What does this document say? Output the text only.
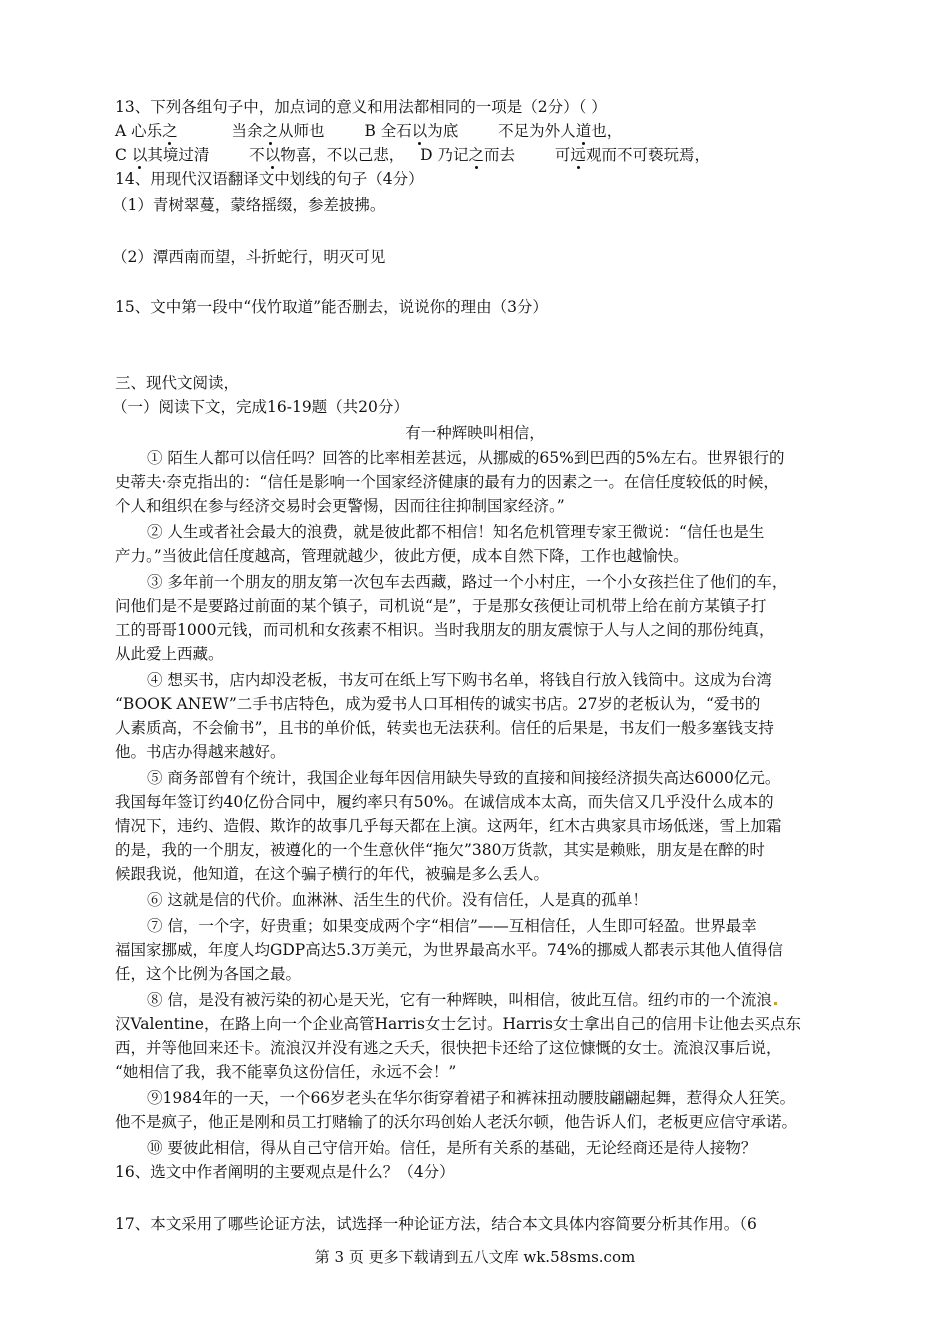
13、下列各组句子中，加点词的意义和用法都相同的一项是（2分）（ ）
A 心乐之	当余之从师也	B 全石以为底	不足为外人道也，
C 以其境过清	不以物喜，不以己悲， D 乃记之而去	可远观而不可亵玩焉，
14、用现代汉语翻译文中划线的句子（4分）
（1）青树翠蔓，蒙络摇缀，参差披拂。
（2）潭西南而望，斗折蛇行，明灭可见
15、文中第一段中“伐竹取道”能否删去，说说你的理由（3分）
三、现代文阅读，
（一）阅读下文，完成16-19题（共20分）
有一种辉映叫相信，
① 陌生人都可以信任吗？回答的比率相差甚远，从挪威的65%到巴西的5%左右。世界银行的
史蒂夫·奈克指出的：“信任是影响一个国家经济健康的最有力的因素之一。在信任度较低的时候，
个人和组织在参与经济交易时会更警惕，因而往往抑制国家经济。”
② 人生或者社会最大的浪费，就是彼此都不相信！知名危机管理专家王微说：“信任也是生
产力。”当彼此信任度越高，管理就越少，彼此方便，成本自然下降，工作也越愉快。
③ 多年前一个朋友的朋友第一次包车去西藏，路过一个小村庄，一个小女孩拦住了他们的车，
问他们是不是要路过前面的某个镇子，司机说“是”，于是那女孩便让司机带上给在前方某镇子打
工的哥哥1000元钱，而司机和女孩素不相识。当时我朋友的朋友震惊于人与人之间的那份纯真，
从此爱上西藏。
④ 想买书，店内却没老板，书友可在纸上写下购书名单，将钱自行放入钱筒中。这成为台湾
“BOOK ANEW”二手书店特色，成为爱书人口耳相传的诚实书店。27岁的老板认为，“爱书的
人素质高，不会偷书”，且书的单价低，转卖也无法获利。信任的后果是，书友们一般多塞钱支持
他。书店办得越来越好。
⑤ 商务部曾有个统计，我国企业每年因信用缺失导致的直接和间接经济损失高达6000亿元。
我国每年签订约40亿份合同中，履约率只有50%。在诚信成本太高，而失信又几乎没什么成本的
情况下，违约、造假、欺诈的故事几乎每天都在上演。这两年，红木古典家具市场低迷，雪上加霜
的是，我的一个朋友，被遵化的一个生意伙伴“拖欠”380万货款，其实是赖账，朋友是在醉的时
候跟我说，他知道，在这个骗子横行的年代，被骗是多么丢人。
⑥ 这就是信的代价。血淋淋、活生生的代价。没有信任，人是真的孤单！
⑦ 信，一个字，好贵重；如果变成两个字“相信”——互相信任，人生即可轻盈。世界最幸
福国家挪威，年度人均GDP高达5.3万美元，为世界最高水平。74%的挪威人都表示其他人值得信
任，这个比例为各国之最。
⑧ 信，是没有被污染的初心是天光，它有一种辉映，叫相信，彼此互信。纽约市的一个流浪
汉Valentine，在路上向一个企业高管Harris女士乞讨。Harris女士拿出自己的信用卡让他去买点东
西，并等他回来还卡。流浪汉并没有逃之夭夭，很快把卡还给了这位慷慨的女士。流浪汉事后说，
“她相信了我，我不能辜负这份信任，永远不会！”
⑨1984年的一天，一个66岁老头在华尔街穿着裙子和裤袜扭动腰肢翩翩起舞，惹得众人狂笑。
他不是疯子，他正是刚和员工打赌输了的沃尔玛创始人老沃尔顿，他告诉人们，老板更应信守承诺。
⑩ 要彼此相信，得从自己守信开始。信任，是所有关系的基础，无论经商还是待人接物？
16、选文中作者阐明的主要观点是什么？（4分）
17、本文采用了哪些论证方法，试选择一种论证方法，结合本文具体内容简要分析其作用。（6
第 3 页 更多下载请到五八文库 wk.58sms.com
